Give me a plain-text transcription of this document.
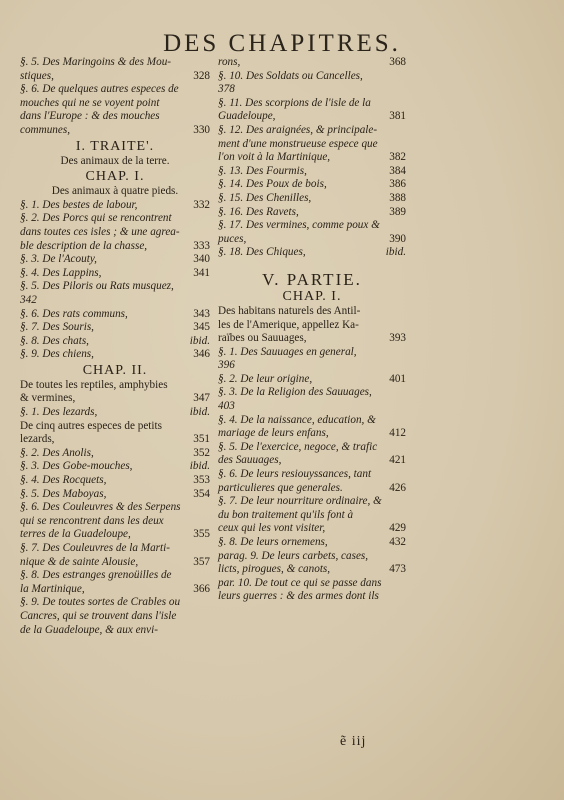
DES CHAPITRES.
§. 5. Des Maringoins & des Mou-
stiques,	328
§. 6. De quelques autres especes de
mouches qui ne se voyent point
dans l'Europe : & des mouches
communes,	330
I. TRAITE'.
Des animaux de la terre.
CHAP. I.
Des animaux à quatre pieds.
§. 1. Des bestes de labour,	332
§. 2. Des Porcs qui se rencontrent
dans toutes ces isles ; & une agrea-
ble description de la chasse,	333
§. 3. De l'Acouty,	340
§. 4. Des Lappins,	341
§. 5. Des Piloris ou Rats musquez,
342
§. 6. Des rats communs,	343
§. 7. Des Souris,	345
§. 8. Des chats,	ibid.
§. 9. Des chiens,	346
CHAP. II.
De toutes les reptiles, amphybies
& vermines,	347
§. 1. Des lezards,	ibid.
De cinq autres especes de petits
lezards,	351
§. 2. Des Anolis,	352
§. 3. Des Gobe-mouches,	ibid.
§. 4. Des Rocquets,	353
§. 5. Des Maboyas,	354
§. 6. Des Couleuvres & des Serpens
qui se rencontrent dans les deux
terres de la Guadeloupe,	355
§. 7. Des Couleuvres de la Marti-
nique & de sainte Alousie,	357
§. 8. Des estranges grenoüilles de
la Martinique,	366
§. 9. De toutes sortes de Crables ou
Cancres, qui se trouvent dans l'isle
de la Guadeloupe, & aux envi-
rons,	368
§. 10. Des Soldats ou Cancelles,
378
§. 11. Des scorpions de l'isle de la
Guadeloupe,	381
§. 12. Des araignées, & principale-
ment d'une monstrueuse espece que
l'on voit à la Martinique,	382
§. 13. Des Fourmis,	384
§. 14. Des Poux de bois,	386
§. 15. Des Chenilles,	388
§. 16. Des Ravets,	389
§. 17. Des vermines, comme poux &
puces,	390
§. 18. Des Chiques,	ibid.
V. PARTIE.
CHAP. I.
Des habitans naturels des Antil-
les de l'Amerique, appellez Ka-
raïbes ou Sauuages,	393
§. 1. Des Sauuages en general,
396
§. 2. De leur origine,	401
§. 3. De la Religion des Sauuages,
403
§. 4. De la naissance, education, &
mariage de leurs enfans,	412
§. 5. De l'exercice, negoce, & trafic
des Sauuages,	421
§. 6. De leurs resiouyssances, tant
particulieres que generales.	426
§. 7. De leur nourriture ordinaire, &
du bon traitement qu'ils font à
ceux qui les vont visiter,	429
§. 8. De leurs ornemens,	432
parag. 9. De leurs carbets, cases,
licts, pirogues, & canots,	473
par. 10. De tout ce qui se passe dans
leurs guerres : & des armes dont ils
ẽ iij
